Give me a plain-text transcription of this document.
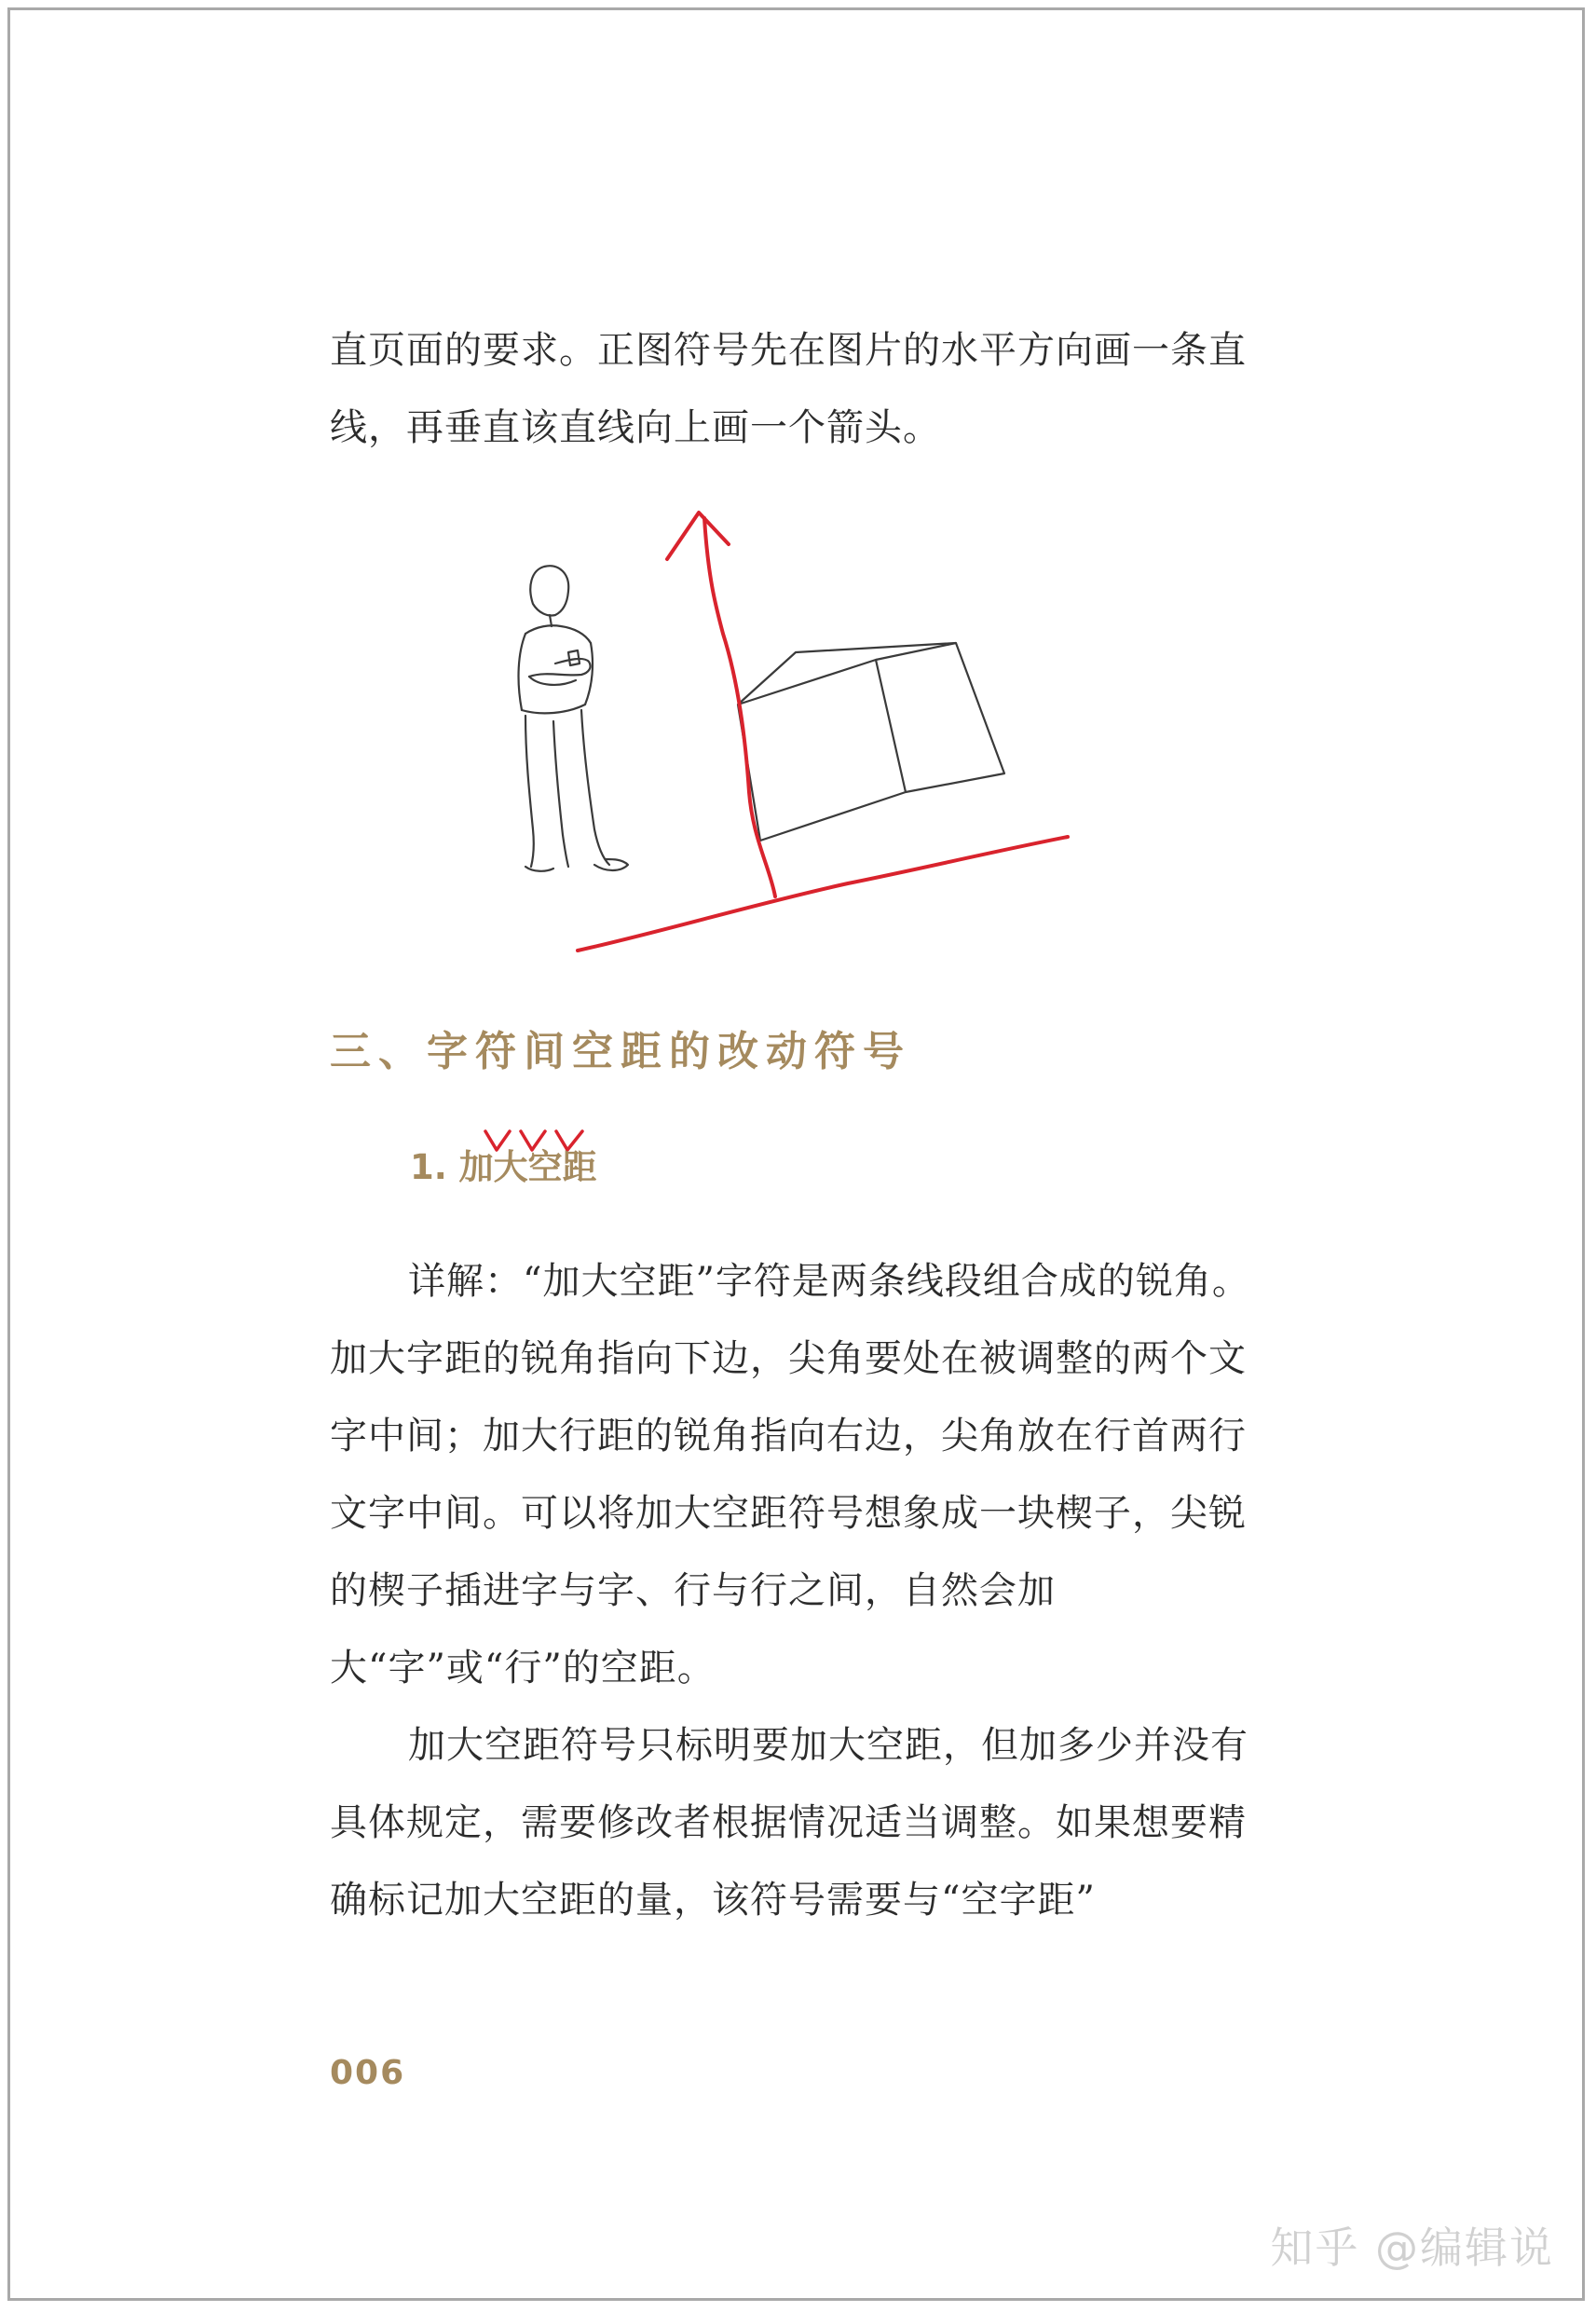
直页面的要求。正图符号先在图片的水平方向画一条直线，再垂直该直线向上画一个箭头。

三、字符间空距的改动符号
1. 加大空距

详解：“加大空距”字符是两条线段组合成的锐角。加大字距的锐角指向下边，尖角要处在被调整的两个文字中间；加大行距的锐角指向右边，尖角放在行首两行文字中间。可以将加大空距符号想象成一块楔子，尖锐的楔子插进字与字、行与行之间，自然会加大“字”或“行”的空距。

加大空距符号只标明要加大空距，但加多少并没有具体规定，需要修改者根据情况适当调整。如果想要精确标记加大空距的量，该符号需要与“空字距”

006
知乎 @编辑说
